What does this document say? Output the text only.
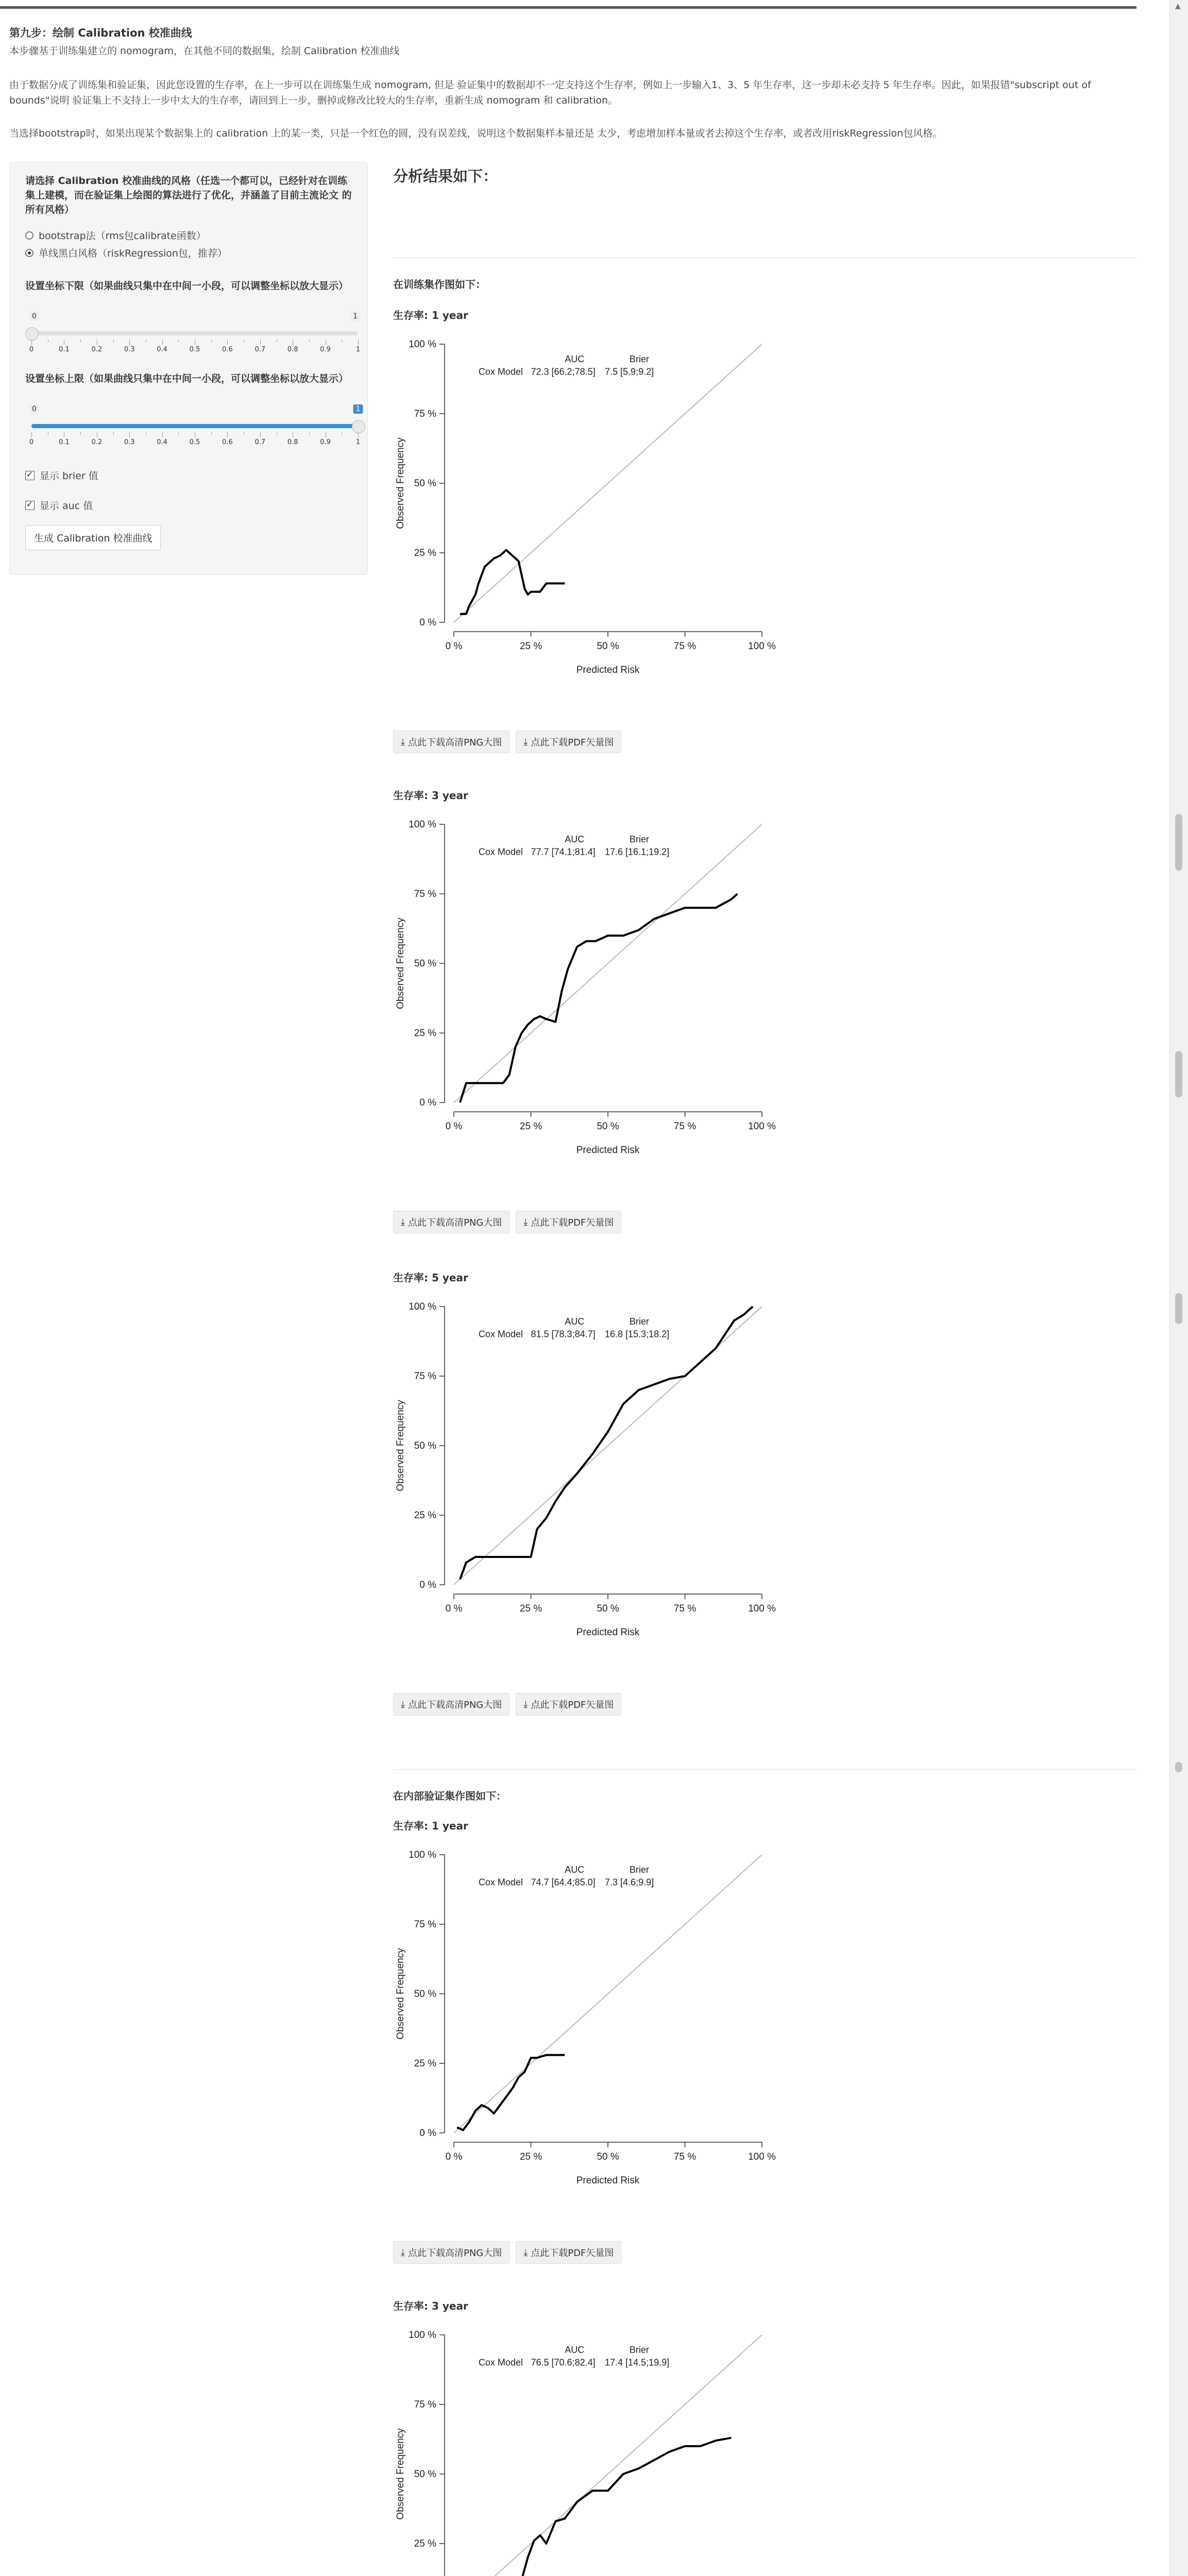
第九步：绘制 Calibration 校准曲线
本步骤基于训练集建立的 nomogram，在其他不同的数据集，绘制 Calibration 校准曲线
由于数据分成了训练集和验证集，因此您设置的生存率，在上一步可以在训练集生成 nomogram, 但是 验证集中的数据却不一定支持这个生存率，例如上一步输入1、3、5 年生存率，这一步却未必支持 5 年生存率。因此，如果报错"subscript out of bounds"说明 验证集上不支持上一步中太大的生存率，请回到上一步，删掉或修改比较大的生存率，重新生成 nomogram 和 calibration。
当选择bootstrap时，如果出现某个数据集上的 calibration 上的某一类，只是一个红色的圆，没有误差线，说明这个数据集样本量还是 太少，考虑增加样本量或者去掉这个生存率，或者改用riskRegression包风格。
请选择 Calibration 校准曲线的风格（任选一个都可以，已经针对在训练集上建模，而在验证集上绘图的算法进行了优化，并涵盖了目前主流论文 的所有风格）
bootstrap法（rms包calibrate函数）
单线黑白风格（riskRegression包，推荐）
设置坐标下限（如果曲线只集中在中间一小段，可以调整坐标以放大显示）
0	1
0	0.1	0.2	0.3	0.4	0.5	0.6	0.7	0.8	0.9	1
设置坐标上限（如果曲线只集中在中间一小段，可以调整坐标以放大显示）
0	1
0	0.1	0.2	0.3	0.4	0.5	0.6	0.7	0.8	0.9	1
✓
显示 brier 值
✓
显示 auc 值
生成 Calibration 校准曲线
分析结果如下：
在训练集作图如下：
在内部验证集作图如下：
生存率: 1 year
0 %
0 %
25 %
25 %
50 %
50 %
75 %
75 %
100 %
100 %
Predicted Risk
Observed Frequency
Cox Model
AUC
72.3 [66.2;78.5]
Brier
7.5 [5.9;9.2]
⤓ 点此下载高清PNG大图 ⤓ 点此下载PDF矢量图
生存率: 3 year
0 %
0 %
25 %
25 %
50 %
50 %
75 %
75 %
100 %
100 %
Predicted Risk
Observed Frequency
Cox Model
AUC
77.7 [74.1;81.4]
Brier
17.6 [16.1;19.2]
⤓ 点此下载高清PNG大图 ⤓ 点此下载PDF矢量图
生存率: 5 year
0 %
0 %
25 %
25 %
50 %
50 %
75 %
75 %
100 %
100 %
Predicted Risk
Observed Frequency
Cox Model
AUC
81.5 [78.3;84.7]
Brier
16.8 [15.3;18.2]
⤓ 点此下载高清PNG大图 ⤓ 点此下载PDF矢量图
生存率: 1 year
0 %
0 %
25 %
25 %
50 %
50 %
75 %
75 %
100 %
100 %
Predicted Risk
Observed Frequency
Cox Model
AUC
74.7 [64.4;85.0]
Brier
7.3 [4.6;9.9]
⤓ 点此下载高清PNG大图 ⤓ 点此下载PDF矢量图
生存率: 3 year
25 %
50 %
75 %
100 %
Observed Frequency
Cox Model
AUC
76.5 [70.6;82.4]
Brier
17.4 [14.5;19.9]
▲
